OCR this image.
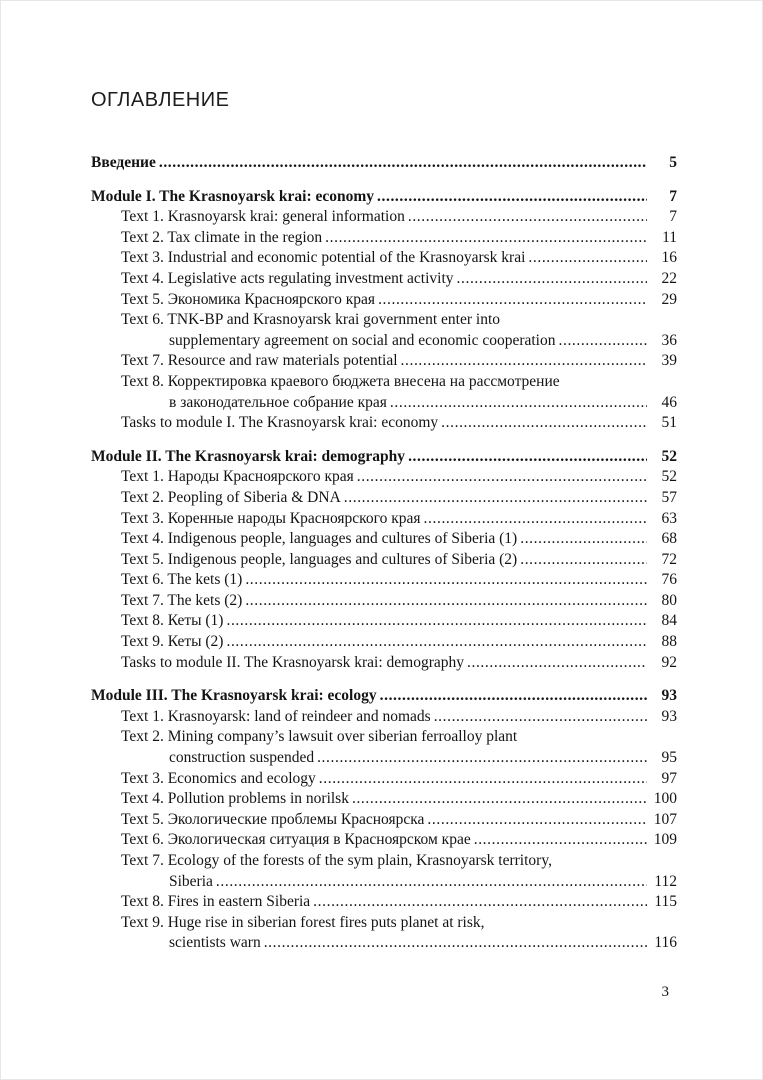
ОГЛАВЛЕНИЕ
Введение .....	5
Module I. The Krasnoyarsk krai: economy .....	7
Text 1. Krasnoyarsk krai: general information .....	7
Text 2. Tax climate in the region .....	11
Text 3. Industrial and economic potential of the Krasnoyarsk krai .....	16
Text 4. Legislative acts regulating investment activity .....	22
Text 5. Экономика Красноярского края .....	29
Text 6. TNK-BP and Krasnoyarsk krai government enter into
supplementary agreement on social and economic cooperation .....	36
Text 7. Resource and raw materials potential .....	39
Text 8. Корректировка краевого бюджета внесена на рассмотрение
в законодательное собрание края .....	46
Tasks to module I. The Krasnoyarsk krai: economy .....	51
Module II. The Krasnoyarsk krai: demography .....	52
Text 1. Народы Красноярского края .....	52
Text 2. Peopling of Siberia & DNA .....	57
Text 3. Коренные народы Красноярского края .....	63
Text 4. Indigenous people, languages and cultures of Siberia (1) .....	68
Text 5. Indigenous people, languages and cultures of Siberia (2) .....	72
Text 6. The kets (1) .....	76
Text 7. The kets (2) .....	80
Text 8. Кеты (1) .....	84
Text 9. Кеты (2) .....	88
Tasks to module II. The Krasnoyarsk krai: demography .....	92
Module III. The Krasnoyarsk krai: ecology .....	93
Text 1. Krasnoyarsk: land of reindeer and nomads .....	93
Text 2. Mining company’s lawsuit over siberian ferroalloy plant
construction suspended .....	95
Text 3. Economics and ecology .....	97
Text 4. Pollution problems in norilsk .....	100
Text 5. Экологические проблемы Красноярска .....	107
Text 6. Экологическая ситуация в Красноярском крае .....	109
Text 7. Ecology of the forests of the sym plain, Krasnoyarsk territory,
Siberia .....	112
Text 8. Fires in eastern Siberia .....	115
Text 9. Huge rise in siberian forest fires puts planet at risk,
scientists warn .....	116
3
